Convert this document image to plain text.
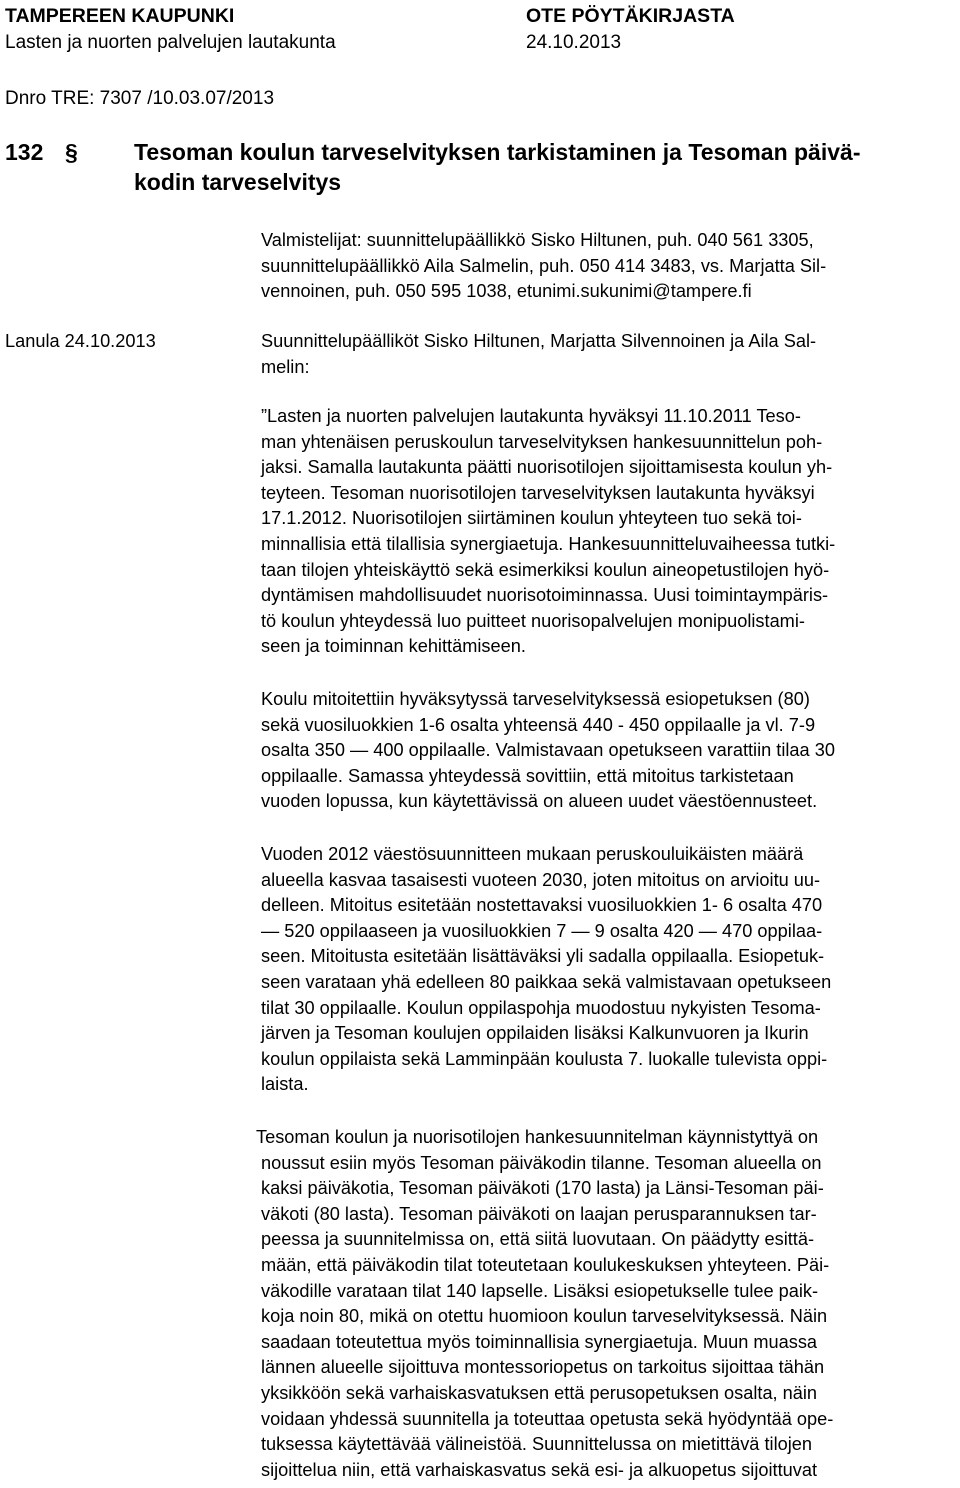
TAMPEREEN KAUPUNKI	OTE PÖYTÄKIRJASTA
Lasten ja nuorten palvelujen lautakunta	24.10.2013
Dnro TRE: 7307 /10.03.07/2013
132 § Tesoman koulun tarveselvityksen tarkistaminen ja Tesoman päivä-
kodin tarveselvitys
Valmistelijat: suunnittelupäällikkö Sisko Hiltunen, puh. 040 561 3305,
suunnittelupäällikkö Aila Salmelin, puh. 050 414 3483, vs. Marjatta Sil-
vennoinen, puh. 050 595 1038, etunimi.sukunimi@tampere.fi
Lanula 24.10.2013	Suunnittelupäälliköt Sisko Hiltunen, Marjatta Silvennoinen ja Aila Sal-
melin:
”Lasten ja nuorten palvelujen lautakunta hyväksyi 11.10.2011 Teso-
man yhtenäisen peruskoulun tarveselvityksen hankesuunnittelun poh-
jaksi. Samalla lautakunta päätti nuorisotilojen sijoittamisesta koulun yh-
teyteen. Tesoman nuorisotilojen tarveselvityksen lautakunta hyväksyi
17.1.2012. Nuorisotilojen siirtäminen koulun yhteyteen tuo sekä toi-
minnallisia että tilallisia synergiaetuja. Hankesuunnitteluvaiheessa tutki-
taan tilojen yhteiskäyttö sekä esimerkiksi koulun aineopetustilojen hyö-
dyntämisen mahdollisuudet nuorisotoiminnassa. Uusi toimintaympäris-
tö koulun yhteydessä luo puitteet nuorisopalvelujen monipuolistami-
seen ja toiminnan kehittämiseen.
Koulu mitoitettiin hyväksytyssä tarveselvityksessä esiopetuksen (80)
sekä vuosiluokkien 1-6 osalta yhteensä 440 - 450 oppilaalle ja vl. 7-9
osalta 350 — 400 oppilaalle. Valmistavaan opetukseen varattiin tilaa 30
oppilaalle. Samassa yhteydessä sovittiin, että mitoitus tarkistetaan
vuoden lopussa, kun käytettävissä on alueen uudet väestöennusteet.
Vuoden 2012 väestösuunnitteen mukaan peruskouluikäisten määrä
alueella kasvaa tasaisesti vuoteen 2030, joten mitoitus on arvioitu uu-
delleen. Mitoitus esitetään nostettavaksi vuosiluokkien 1- 6 osalta 470
— 520 oppilaaseen ja vuosiluokkien 7 — 9 osalta 420 — 470 oppilaa-
seen. Mitoitusta esitetään lisättäväksi yli sadalla oppilaalla. Esiopetuk-
seen varataan yhä edelleen 80 paikkaa sekä valmistavaan opetukseen
tilat 30 oppilaalle. Koulun oppilaspohja muodostuu nykyisten Tesoma-
järven ja Tesoman koulujen oppilaiden lisäksi Kalkunvuoren ja Ikurin
koulun oppilaista sekä Lamminpään koulusta 7. luokalle tulevista oppi-
laista.
Tesoman koulun ja nuorisotilojen hankesuunnitelman käynnistyttyä on
noussut esiin myös Tesoman päiväkodin tilanne. Tesoman alueella on
kaksi päiväkotia, Tesoman päiväkoti (170 lasta) ja Länsi-Tesoman päi-
väkoti (80 lasta). Tesoman päiväkoti on laajan perusparannuksen tar-
peessa ja suunnitelmissa on, että siitä luovutaan. On päädytty esittä-
mään, että päiväkodin tilat toteutetaan koulukeskuksen yhteyteen. Päi-
väkodille varataan tilat 140 lapselle. Lisäksi esiopetukselle tulee paik-
koja noin 80, mikä on otettu huomioon koulun tarveselvityksessä. Näin
saadaan toteutettua myös toiminnallisia synergiaetuja. Muun muassa
lännen alueelle sijoittuva montessoriopetus on tarkoitus sijoittaa tähän
yksikköön sekä varhaiskasvatuksen että perusopetuksen osalta, näin
voidaan yhdessä suunnitella ja toteuttaa opetusta sekä hyödyntää ope-
tuksessa käytettävää välineistöä. Suunnittelussa on mietittävä tilojen
sijoittelua niin, että varhaiskasvatus sekä esi- ja alkuopetus sijoittuvat
